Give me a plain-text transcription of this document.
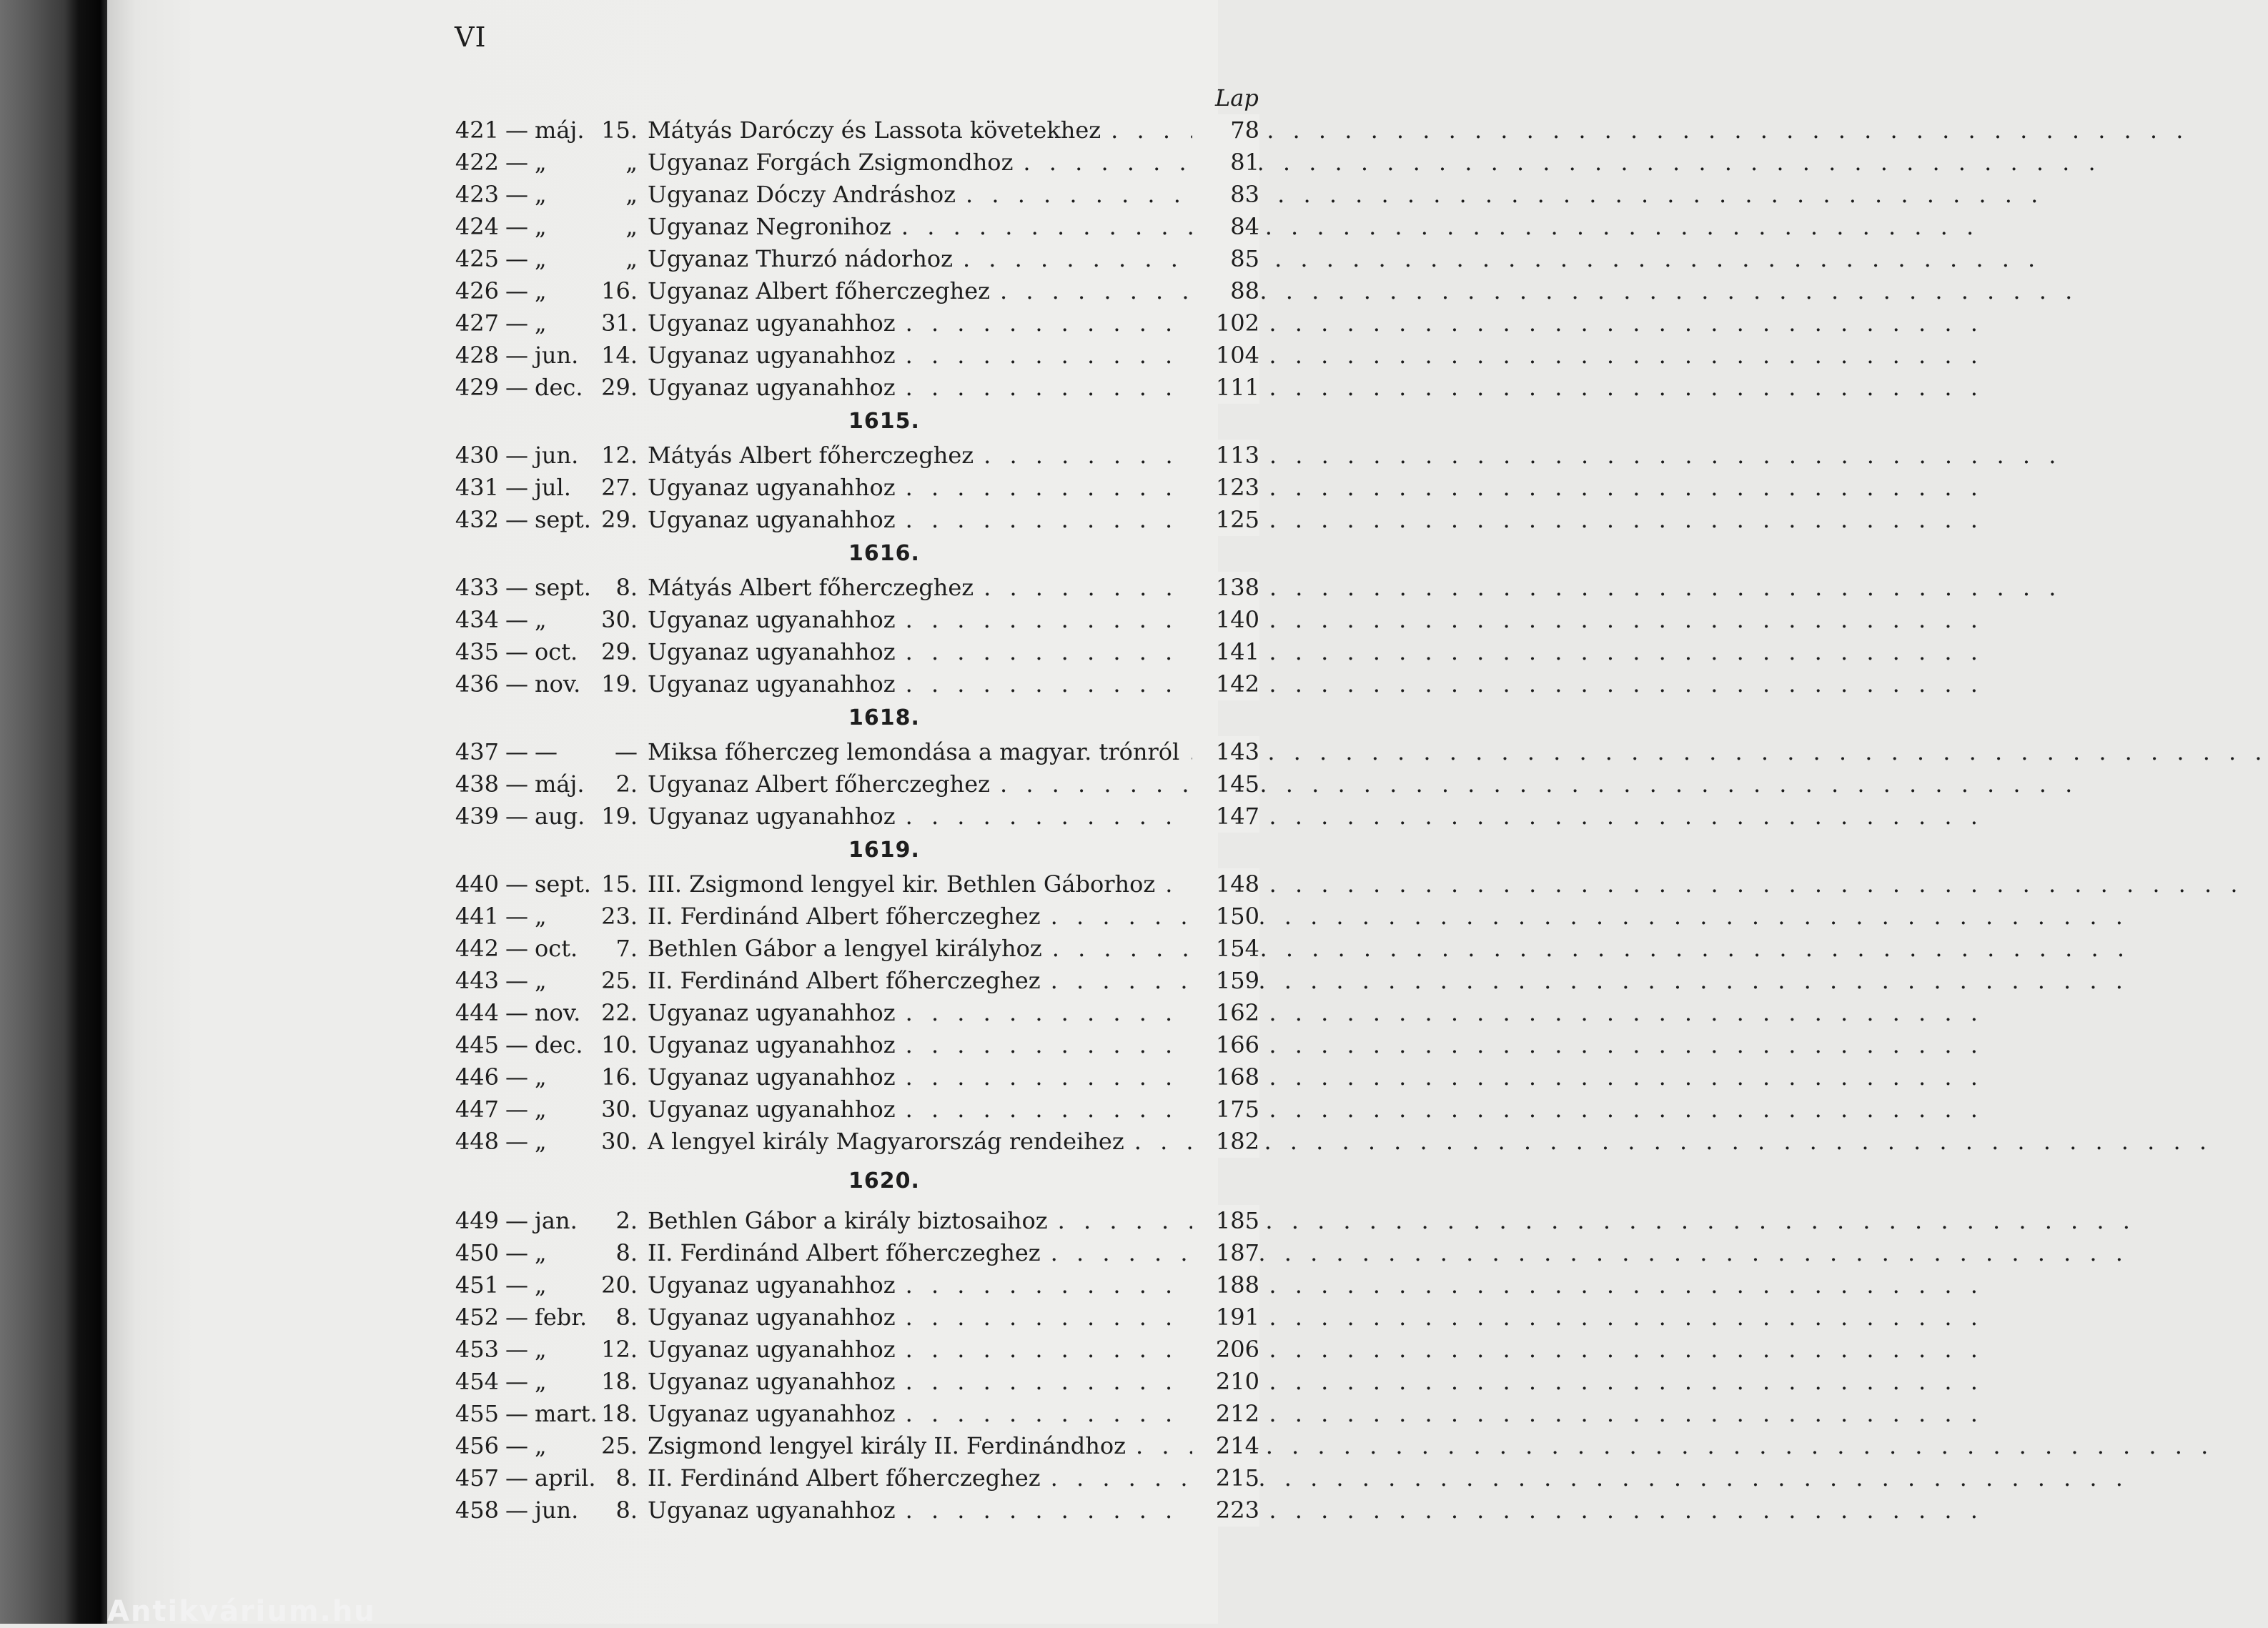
VI
Lap
421 — máj. 15. Mátyás Daróczy és Lassota követekhez . . .	78
422 — „	„ Ugyanaz Forgách Zsigmondhoz . . .	81
423 — „	„ Ugyanaz Dóczy Andráshoz . . .	83
424 — „	„ Ugyanaz Negronihoz . . .	84
425 — „	„ Ugyanaz Thurzó nádorhoz . . .	85
426 — „	16. Ugyanaz Albert főherczeghez . . .	88
427 — „	31. Ugyanaz ugyanahhoz . . .	102
428 — jun. 14. Ugyanaz ugyanahhoz . . .	104
429 — dec. 29. Ugyanaz ugyanahhoz . . .	111
1615.
430 — jun. 12. Mátyás Albert főherczeghez . . .	113
431 — jul.	27. Ugyanaz ugyanahhoz . . .	123
432 — sept. 29. Ugyanaz ugyanahhoz . . .	125
1616.
433 — sept.	8. Mátyás Albert főherczeghez . . .	138
434 — „	30. Ugyanaz ugyanahhoz . . .	140
435 — oct.	29. Ugyanaz ugyanahhoz . . .	141
436 — nov. 19. Ugyanaz ugyanahhoz . . .	142
1618.
437 — —	— Miksa főherczeg lemondása a magyar. trónról . . .	143
438 — máj.	2. Ugyanaz Albert főherczeghez . . .	145
439 — aug. 19. Ugyanaz ugyanahhoz . . .	147
1619.
440 — sept. 15. III. Zsigmond lengyel kir. Bethlen Gáborhoz . . .	148
441 — „	23. II. Ferdinánd Albert főherczeghez . . .	150
442 — oct.	7. Bethlen Gábor a lengyel királyhoz . . .	154
443 — „	25. II. Ferdinánd Albert főherczeghez . . .	159
444 — nov. 22. Ugyanaz ugyanahhoz . . .	162
445 — dec. 10. Ugyanaz ugyanahhoz . . .	166
446 — „	16. Ugyanaz ugyanahhoz . . .	168
447 — „	30. Ugyanaz ugyanahhoz . . .	175
448 — „	30. A lengyel király Magyarország rendeihez . . .	182
1620.
449 — jan.	2. Bethlen Gábor a király biztosaihoz . . .	185
450 — „	8. II. Ferdinánd Albert főherczeghez . . .	187
451 — „	20. Ugyanaz ugyanahhoz . . .	188
452 — febr.	8. Ugyanaz ugyanahhoz . . .	191
453 — „	12. Ugyanaz ugyanahhoz . . .	206
454 — „	18. Ugyanaz ugyanahhoz . . .	210
455 — mart. 18. Ugyanaz ugyanahhoz . . .	212
456 — „	25. Zsigmond lengyel király II. Ferdinándhoz . . .	214
457 — april. 8. II. Ferdinánd Albert főherczeghez . . .	215
458 — jun.	8. Ugyanaz ugyanahhoz . . .	223
Antikvárium.hu
